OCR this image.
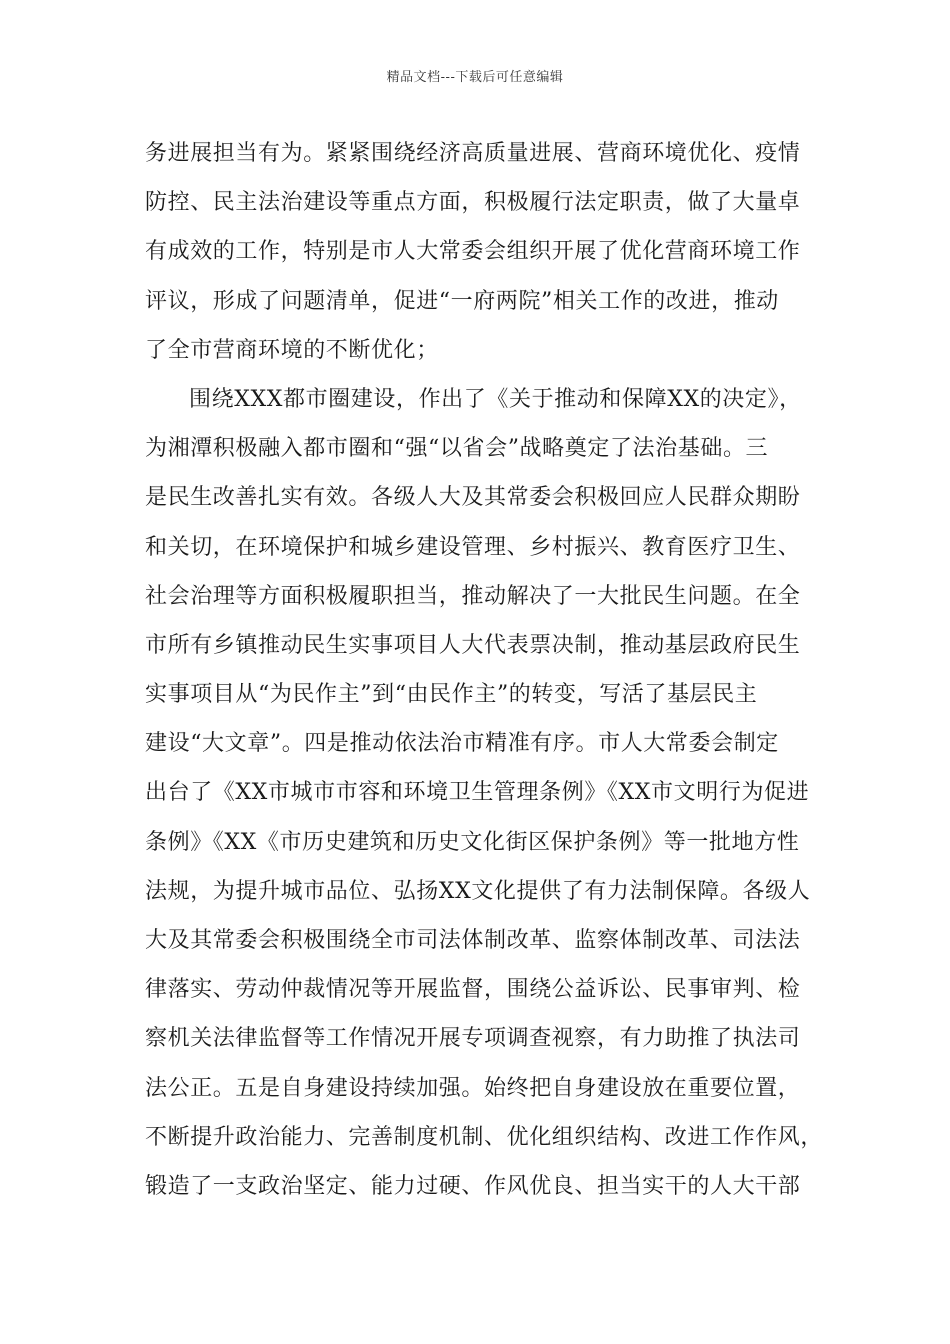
精品文档---下载后可任意编辑
务进展担当有为。紧紧围绕经济高质量进展、营商环境优化、疫情
防控、民主法治建设等重点方面，积极履行法定职责，做了大量卓
有成效的工作，特别是市人大常委会组织开展了优化营商环境工作
评议，形成了问题清单，促进“一府两院”相关工作的改进，推动
了全市营商环境的不断优化；
围绕XXX都市圈建设，作出了《关于推动和保障XX的决定》，
为湘潭积极融入都市圈和“强“以省会”战略奠定了法治基础。三
是民生改善扎实有效。各级人大及其常委会积极回应人民群众期盼
和关切，在环境保护和城乡建设管理、乡村振兴、教育医疗卫生、
社会治理等方面积极履职担当，推动解决了一大批民生问题。在全
市所有乡镇推动民生实事项目人大代表票决制，推动基层政府民生
实事项目从“为民作主”到“由民作主”的转变，写活了基层民主
建设“大文章”。四是推动依法治市精准有序。市人大常委会制定
出台了《XX市城市市容和环境卫生管理条例》《XX市文明行为促进
条例》《XX《市历史建筑和历史文化街区保护条例》等一批地方性
法规，为提升城市品位、弘扬XX文化提供了有力法制保障。各级人
大及其常委会积极围绕全市司法体制改革、监察体制改革、司法法
律落实、劳动仲裁情况等开展监督，围绕公益诉讼、民事审判、检
察机关法律监督等工作情况开展专项调查视察，有力助推了执法司
法公正。五是自身建设持续加强。始终把自身建设放在重要位置，
不断提升政治能力、完善制度机制、优化组织结构、改进工作作风，
锻造了一支政治坚定、能力过硬、作风优良、担当实干的人大干部
